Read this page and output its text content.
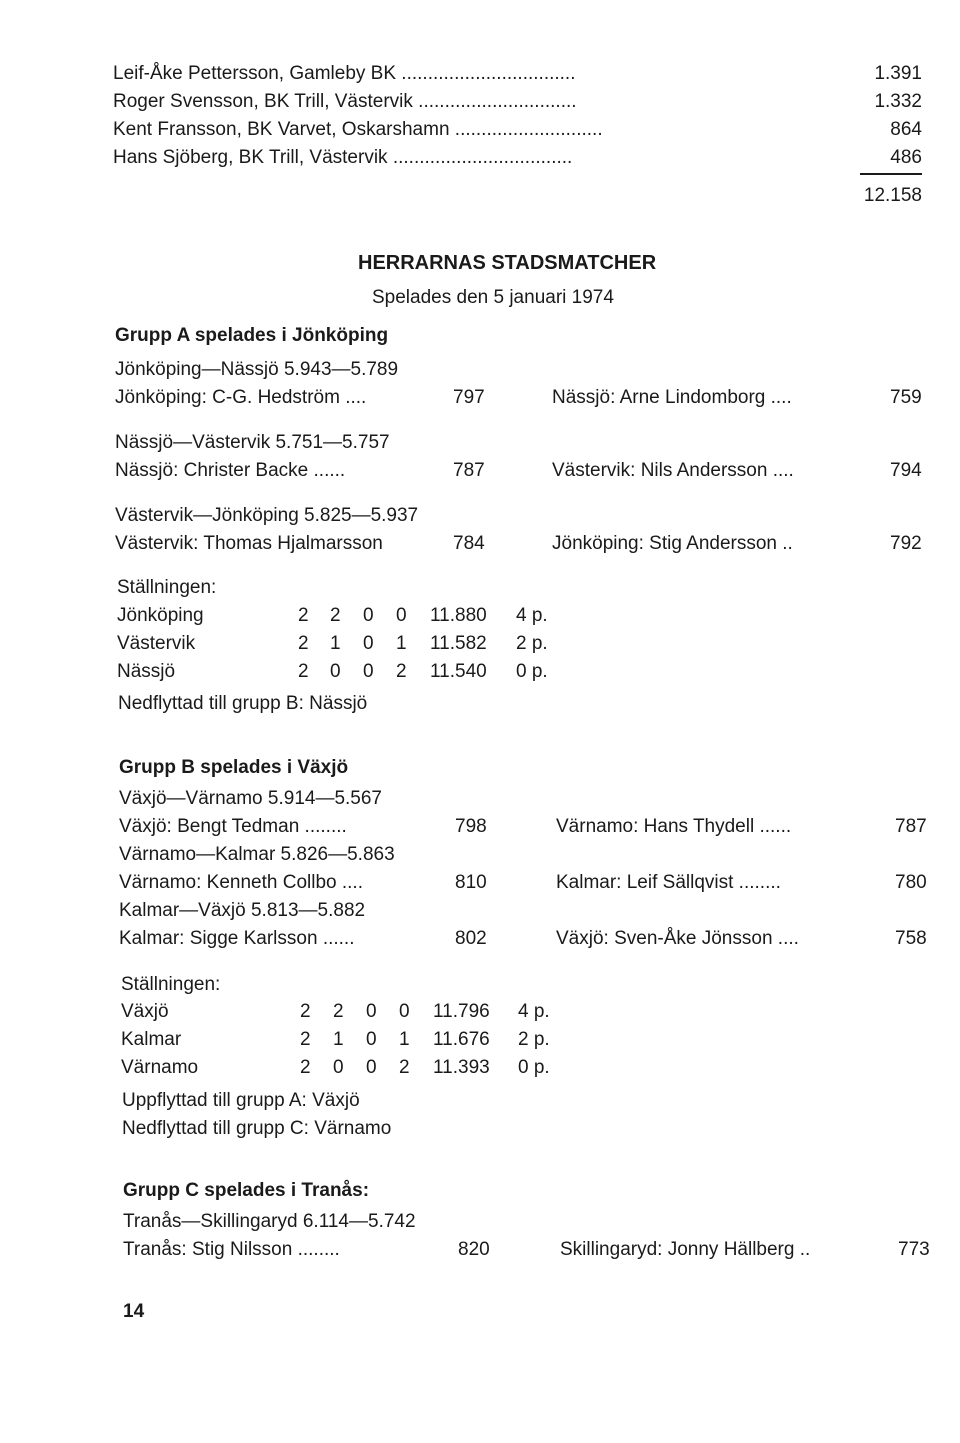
Leif-Åke Pettersson, Gamleby BK .................................	1.391
Roger Svensson, BK Trill, Västervik ..............................	1.332
Kent Fransson, BK Varvet, Oskarshamn ............................	864
Hans Sjöberg, BK Trill, Västervik ..................................	486
12.158
HERRARNAS STADSMATCHER
Spelades den 5 januari 1974
Grupp A spelades i Jönköping
Jönköping—Nässjö 5.943—5.789
Jönköping: C-G. Hedström ....	797	Nässjö: Arne Lindomborg ....	759
Nässjö—Västervik 5.751—5.757
Nässjö: Christer Backe ......	787	Västervik: Nils Andersson ....	794
Västervik—Jönköping 5.825—5.937
Västervik: Thomas Hjalmarsson	784	Jönköping: Stig Andersson ..	792
Ställningen:
Jönköping	2 2 0 0 11.880 4 p.
Västervik	2 1 0 1 11.582 2 p.
Nässjö	2 0 0 2 11.540 0 p.
Nedflyttad till grupp B: Nässjö
Grupp B spelades i Växjö
Växjö—Värnamo 5.914—5.567
Växjö: Bengt Tedman ........	798	Värnamo: Hans Thydell ......	787
Värnamo—Kalmar 5.826—5.863
Värnamo: Kenneth Collbo ....	810	Kalmar: Leif Sällqvist ........	780
Kalmar—Växjö 5.813—5.882
Kalmar: Sigge Karlsson ......	802	Växjö: Sven-Åke Jönsson ....	758
Ställningen:
Växjö	2 2 0 0 11.796 4 p.
Kalmar	2 1 0 1 11.676 2 p.
Värnamo	2 0 0 2 11.393 0 p.
Uppflyttad till grupp A: Växjö
Nedflyttad till grupp C: Värnamo
Grupp C spelades i Tranås:
Tranås—Skillingaryd 6.114—5.742
Tranås: Stig Nilsson ........	820	Skillingaryd: Jonny Hällberg ..	773
14
